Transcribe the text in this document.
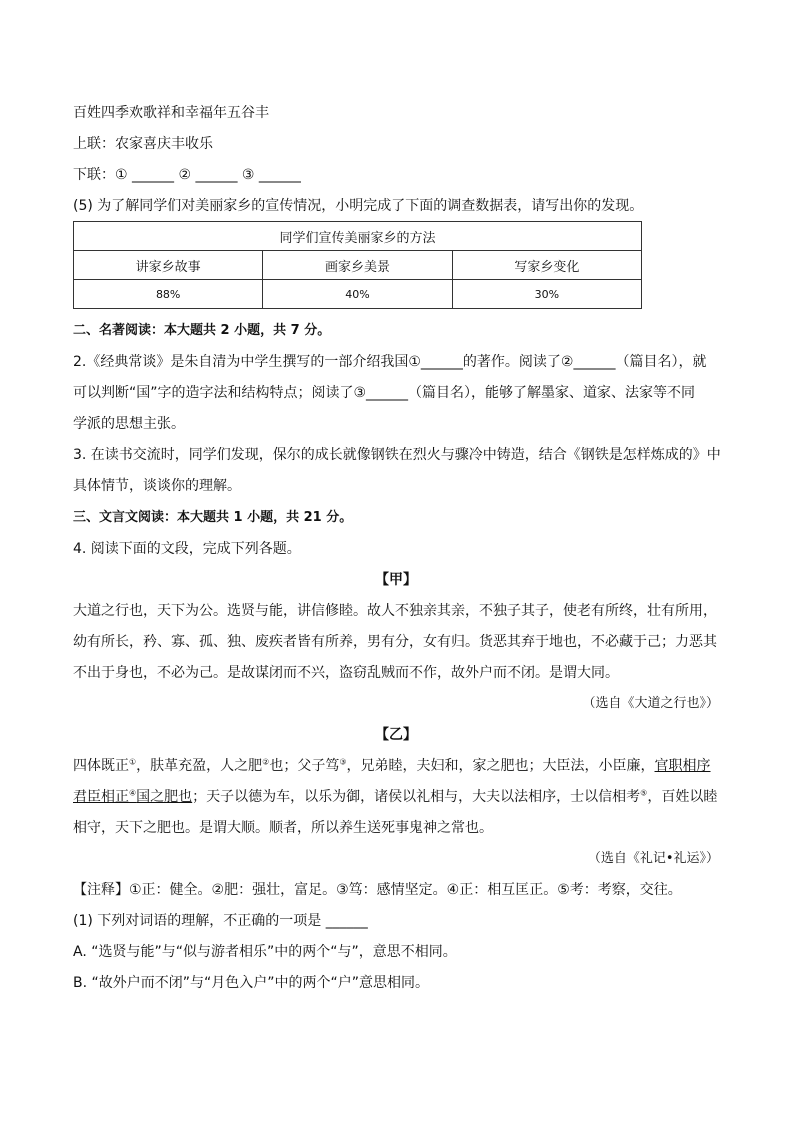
百姓四季欢歌祥和幸福年五谷丰

上联：农家喜庆丰收乐

下联：① ______ ② ______ ③ ______

(5) 为了解同学们对美丽家乡的宣传情况，小明完成了下面的调查数据表，请写出你的发现。

同学们宣传美丽家乡的方法		
讲家乡故事	画家乡美景	写家乡变化
88%	40%	30%

二、名著阅读：本大题共 2 小题，共 7 分。

2.《经典常谈》是朱自清为中学生撰写的一部介绍我国①______的著作。阅读了②______（篇目名），就

可以判断“国”字的造字法和结构特点；阅读了③______（篇目名），能够了解墨家、道家、法家等不同

学派的思想主张。

3. 在读书交流时，同学们发现，保尔的成长就像钢铁在烈火与骤冷中铸造，结合《钢铁是怎样炼成的》中

具体情节，谈谈你的理解。

三、文言文阅读：本大题共 1 小题，共 21 分。

4. 阅读下面的文段，完成下列各题。

【甲】

大道之行也，天下为公。选贤与能，讲信修睦。故人不独亲其亲，不独子其子，使老有所终，壮有所用，

幼有所长，矜、寡、孤、独、废疾者皆有所养，男有分，女有归。货恶其弃于地也，不必藏于己；力恶其

不出于身也，不必为己。是故谋闭而不兴，盗窃乱贼而不作，故外户而不闭。是谓大同。

（选自《大道之行也》）

【乙】

四体既正①，肤革充盈，人之肥②也；父子笃③，兄弟睦，夫妇和，家之肥也；大臣法，小臣廉，官职相序

君臣相正④国之肥也；天子以德为车，以乐为御，诸侯以礼相与，大夫以法相序，士以信相考⑤，百姓以睦

相守，天下之肥也。是谓大顺。顺者，所以养生送死事鬼神之常也。

（选自《礼记•礼运》）

【注释】①正：健全。②肥：强壮，富足。③笃：感情坚定。④正：相互匡正。⑤考：考察，交往。

(1) 下列对词语的理解，不正确的一项是 ______

A. “选贤与能”与“似与游者相乐”中的两个“与”，意思不相同。

B. “故外户而不闭”与“月色入户”中的两个“户”意思相同。
